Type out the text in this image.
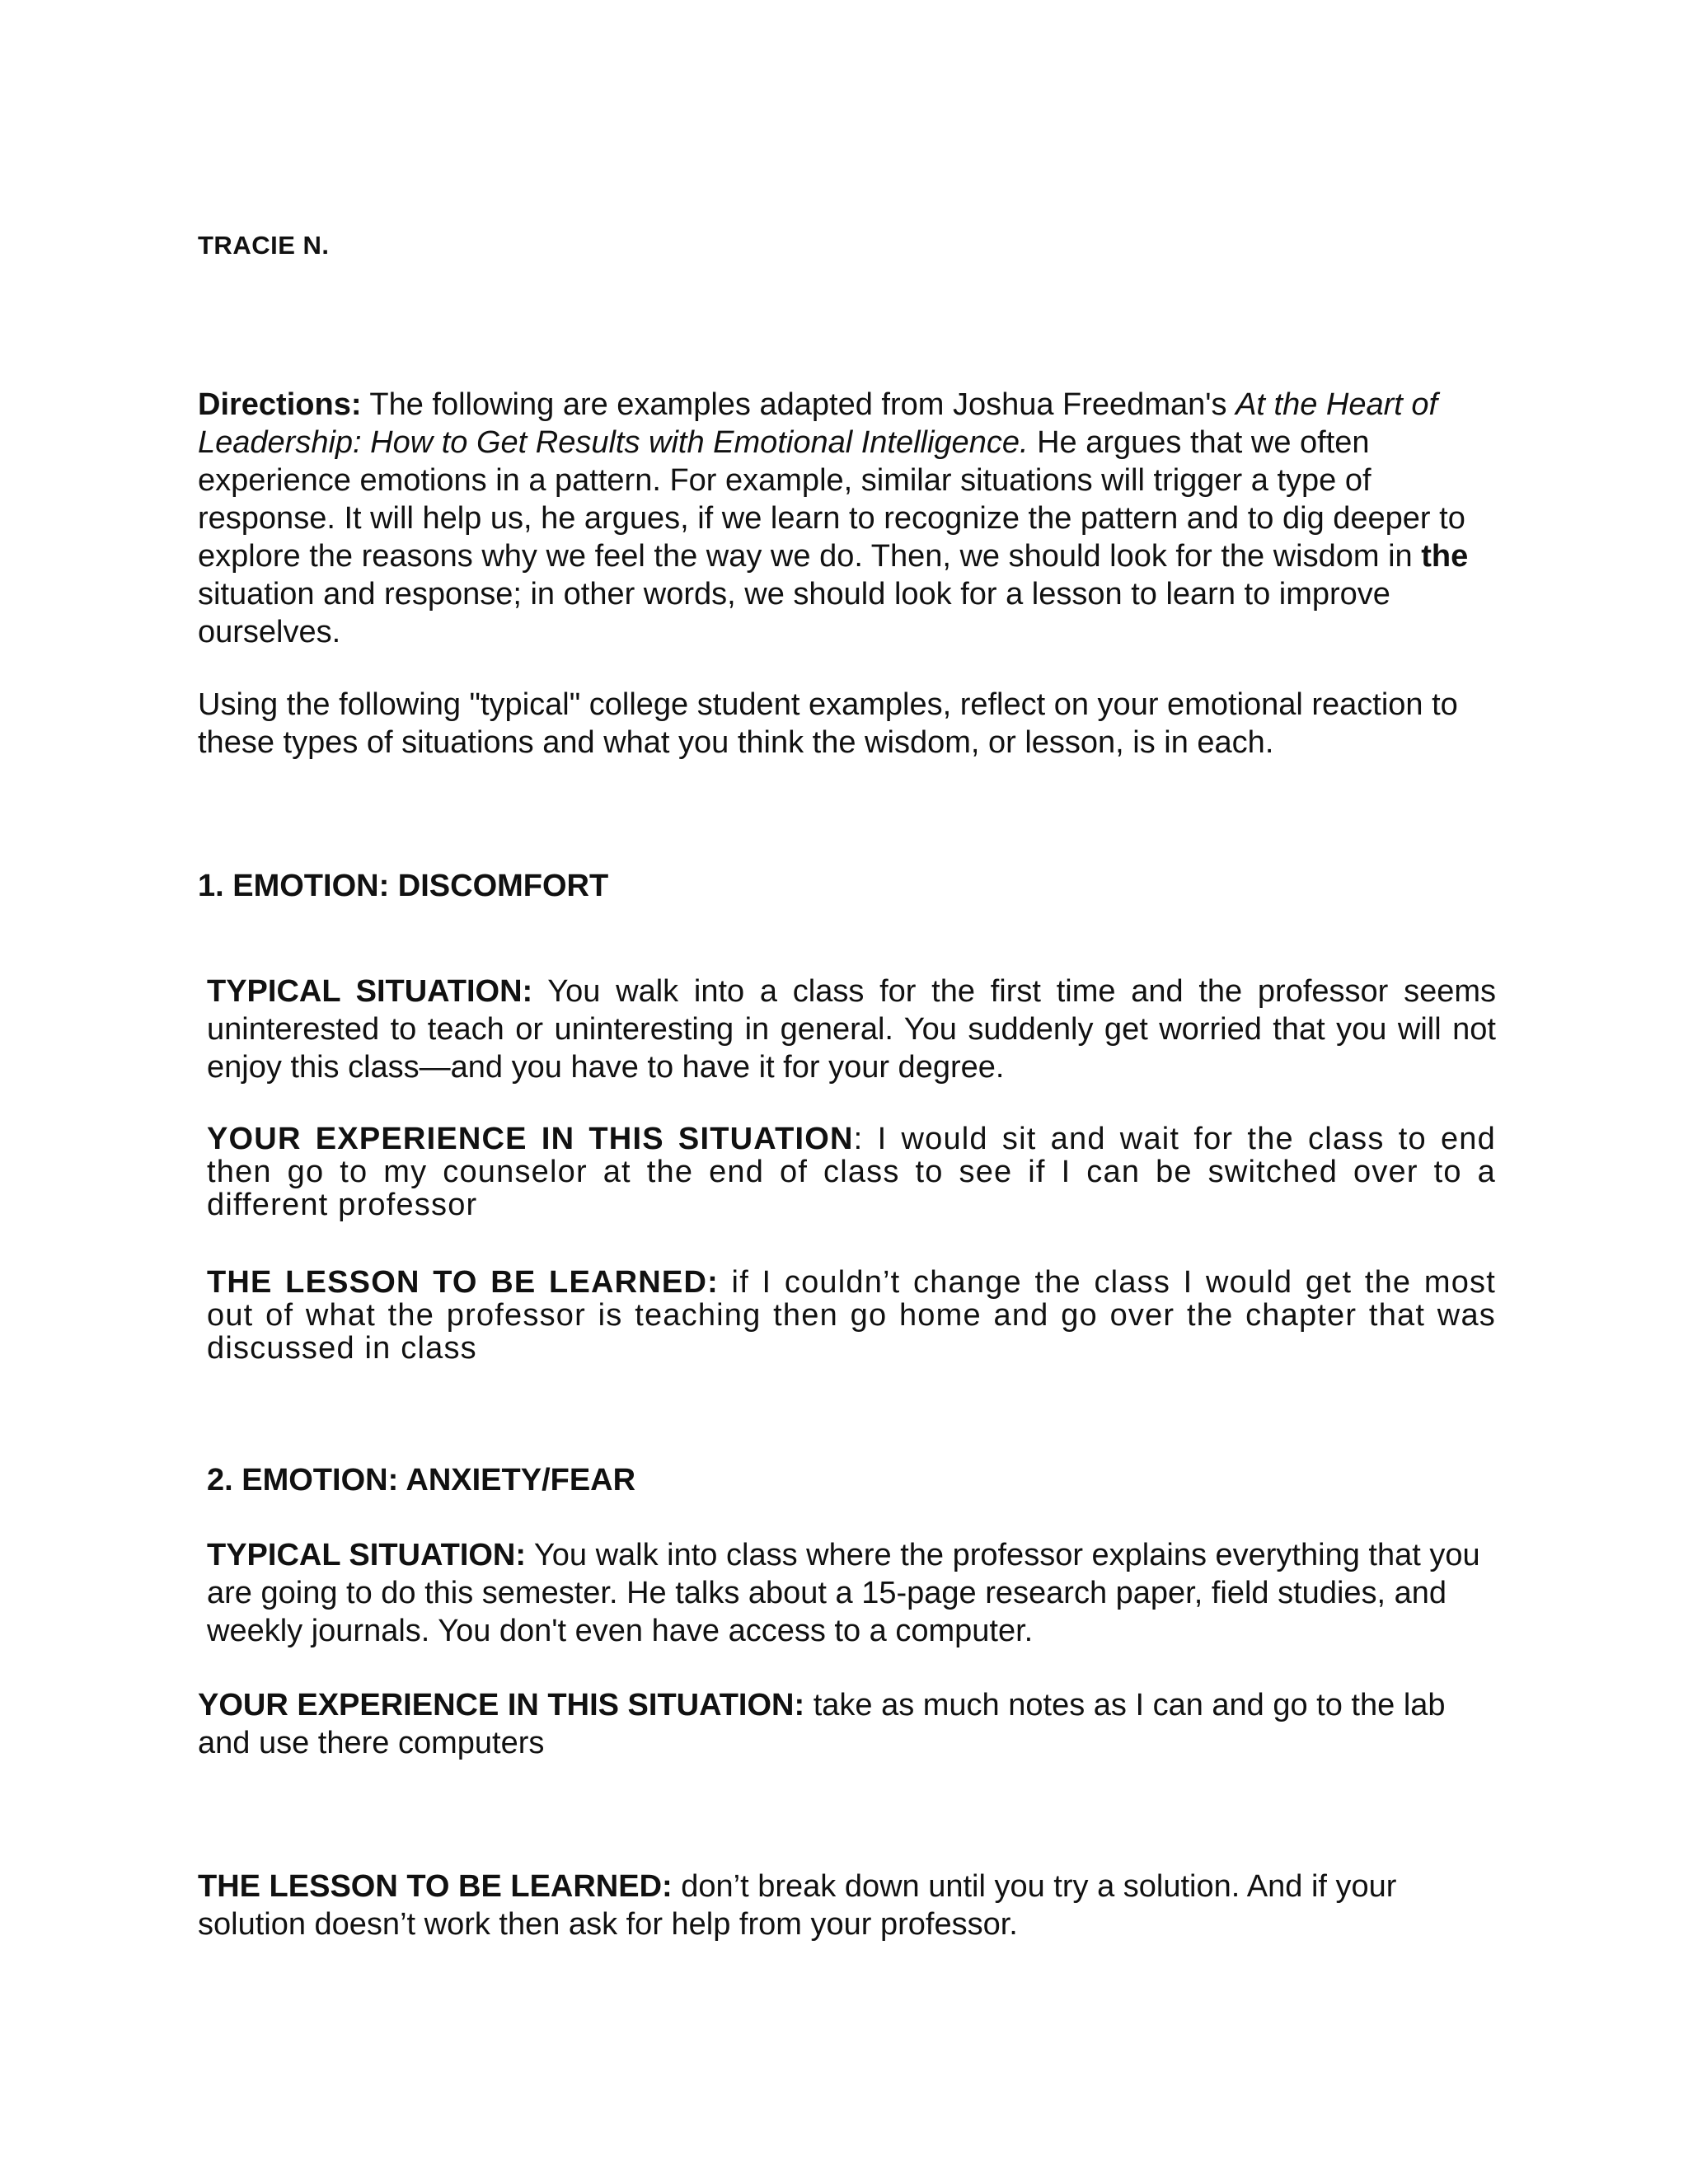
TRACIE N.
Directions: The following are examples adapted from Joshua Freedman's At the Heart of Leadership: How to Get Results with Emotional Intelligence. He argues that we often experience emotions in a pattern. For example, similar situations will trigger a type of response. It will help us, he argues, if we learn to recognize the pattern and to dig deeper to explore the reasons why we feel the way we do. Then, we should look for the wisdom in the situation and response; in other words, we should look for a lesson to learn to improve ourselves.
Using the following "typical" college student examples, reflect on your emotional reaction to these types of situations and what you think the wisdom, or lesson, is in each.
1. EMOTION: DISCOMFORT
TYPICAL SITUATION: You walk into a class for the first time and the professor seems uninterested to teach or uninteresting in general. You suddenly get worried that you will not enjoy this class—and you have to have it for your degree.
YOUR EXPERIENCE IN THIS SITUATION: I would sit and wait for the class to end then go to my counselor at the end of class to see if I can be switched over to a different professor
THE LESSON TO BE LEARNED: if I couldn’t change the class I would get the most out of what the professor is teaching then go home and go over the chapter that was discussed in class
2. EMOTION: ANXIETY/FEAR
TYPICAL SITUATION: You walk into class where the professor explains everything that you are going to do this semester. He talks about a 15-page research paper, field studies, and weekly journals. You don't even have access to a computer.
YOUR EXPERIENCE IN THIS SITUATION: take as much notes as I can and go to the lab and use there computers
THE LESSON TO BE LEARNED: don’t break down until you try a solution. And if your solution doesn’t work then ask for help from your professor.
